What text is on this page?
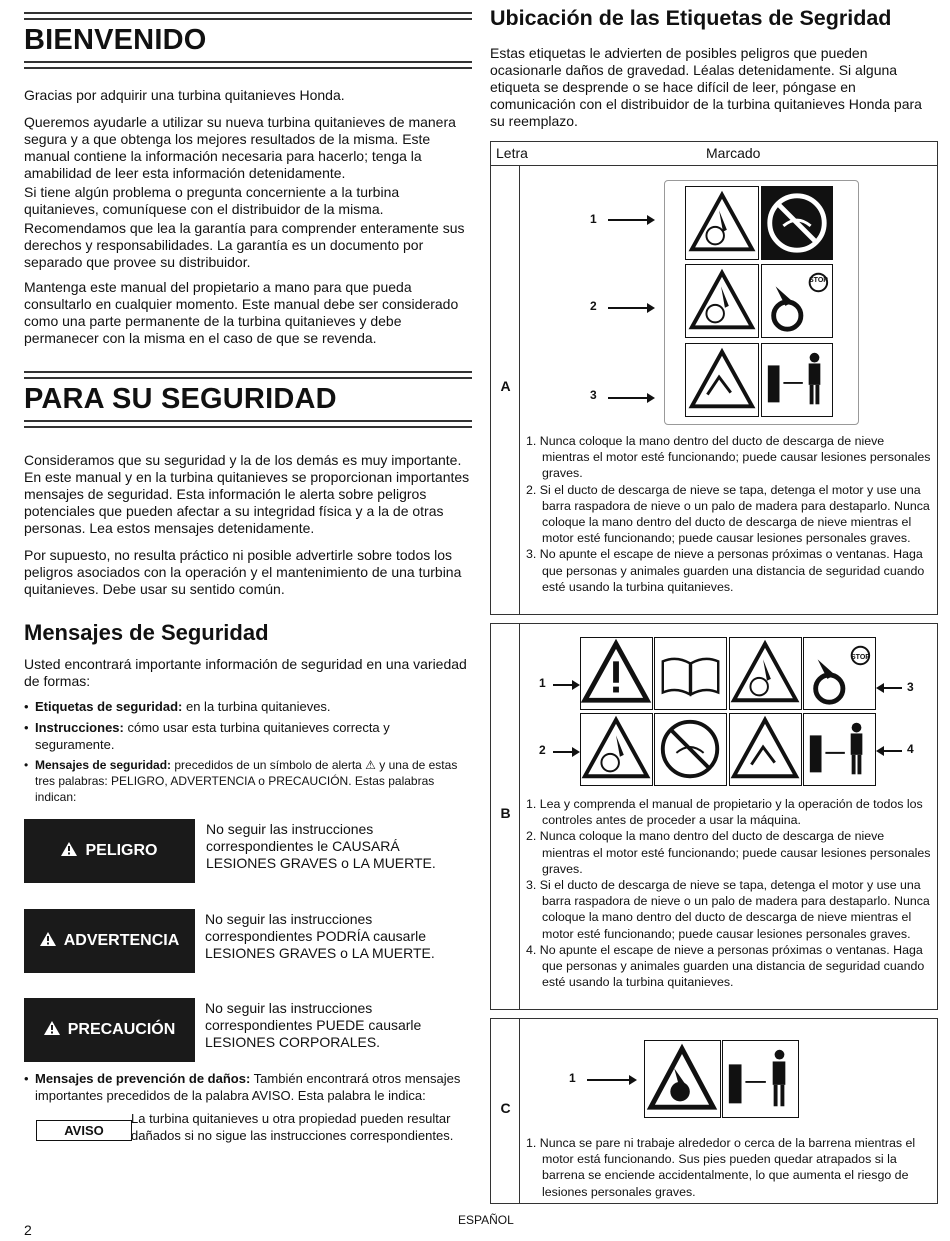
BIENVENIDO

Gracias por adquirir una turbina quitanieves Honda.

Queremos ayudarle a utilizar su nueva turbina quitanieves de manera segura y a que obtenga los mejores resultados de la misma. Este manual contiene la información necesaria para hacerlo; tenga la amabilidad de leer esta información detenidamente.

Si tiene algún problema o pregunta concerniente a la turbina quitanieves, comuníquese con el distribuidor de la misma.

Recomendamos que lea la garantía para comprender enteramente sus derechos y responsabilidades. La garantía es un documento por separado que provee su distribuidor.

Mantenga este manual del propietario a mano para que pueda consultarlo en cualquier momento. Este manual debe ser considerado como una parte permanente de la turbina quitanieves y debe permanecer con la misma en el caso de que se revenda.

PARA SU SEGURIDAD

Consideramos que su seguridad y la de los demás es muy importante. En este manual y en la turbina quitanieves se proporcionan importantes mensajes de seguridad. Esta información le alerta sobre peligros potenciales que pueden afectar a su integridad física y a la de otras personas. Lea estos mensajes detenidamente.

Por supuesto, no resulta práctico ni posible advertirle sobre todos los peligros asociados con la operación y el mantenimiento de una turbina quitanieves. Debe usar su sentido común.

Mensajes de Seguridad

Usted encontrará importante información de seguridad en una variedad de formas:

• Etiquetas de seguridad: en la turbina quitanieves.
• Instrucciones: cómo usar esta turbina quitanieves correcta y seguramente.
• Mensajes de seguridad: precedidos de un símbolo de alerta ⚠ y una de estas tres palabras: PELIGRO, ADVERTENCIA o PRECAUCIÓN. Estas palabras indican:
PELIGRO
No seguir las instrucciones correspondientes le CAUSARÁ LESIONES GRAVES o LA MUERTE.
ADVERTENCIA
No seguir las instrucciones correspondientes PODRÍA causarle LESIONES GRAVES o LA MUERTE.
PRECAUCIÓN
No seguir las instrucciones correspondientes PUEDE causarle LESIONES CORPORALES.
• Mensajes de prevención de daños: También encontrará otros mensajes importantes precedidos de la palabra AVISO. Esta palabra le indica:
AVISO
La turbina quitanieves u otra propiedad pueden resultar dañados si no sigue las instrucciones correspondientes.
2
ESPAÑOL
Ubicación de las Etiquetas de Segridad

Estas etiquetas le advierten de posibles peligros que pueden ocasionarle daños de gravedad. Léalas detenidamente. Si alguna etiqueta se desprende o se hace difícil de leer, póngase en comunicación con el distribuidor de la turbina quitanieves Honda para su reemplazo.

Letra	Marcado
A
STOP
1
2
3
1. Nunca coloque la mano dentro del ducto de descarga de nieve mientras el motor esté funcionando; puede causar lesiones personales graves.
2. Si el ducto de descarga de nieve se tapa, detenga el motor y use una barra raspadora de nieve o un palo de madera para destaparlo. Nunca coloque la mano dentro del ducto de descarga de nieve mientras el motor esté funcionando; puede causar lesiones personales graves.
3. No apunte el escape de nieve a personas próximas o ventanas. Haga que personas y animales guarden una distancia de seguridad cuando esté usando la turbina quitanieves.
B
STOP
1
2
3
4
1. Lea y comprenda el manual de propietario y la operación de todos los controles antes de proceder a usar la máquina.
2. Nunca coloque la mano dentro del ducto de descarga de nieve mientras el motor esté funcionando; puede causar lesiones personales graves.
3. Si el ducto de descarga de nieve se tapa, detenga el motor y use una barra raspadora de nieve o un palo de madera para destaparlo. Nunca coloque la mano dentro del ducto de descarga de nieve mientras el motor esté funcionando; puede causar lesiones personales graves.
4. No apunte el escape de nieve a personas próximas o ventanas. Haga que personas y animales guarden una distancia de seguridad cuando esté usando la turbina quitanieves.
C
1
1. Nunca se pare ni trabaje alrededor o cerca de la barrena mientras el motor está funcionando. Sus pies pueden quedar atrapados si la barrena se enciende accidentalmente, lo que aumenta el riesgo de lesiones personales graves.
